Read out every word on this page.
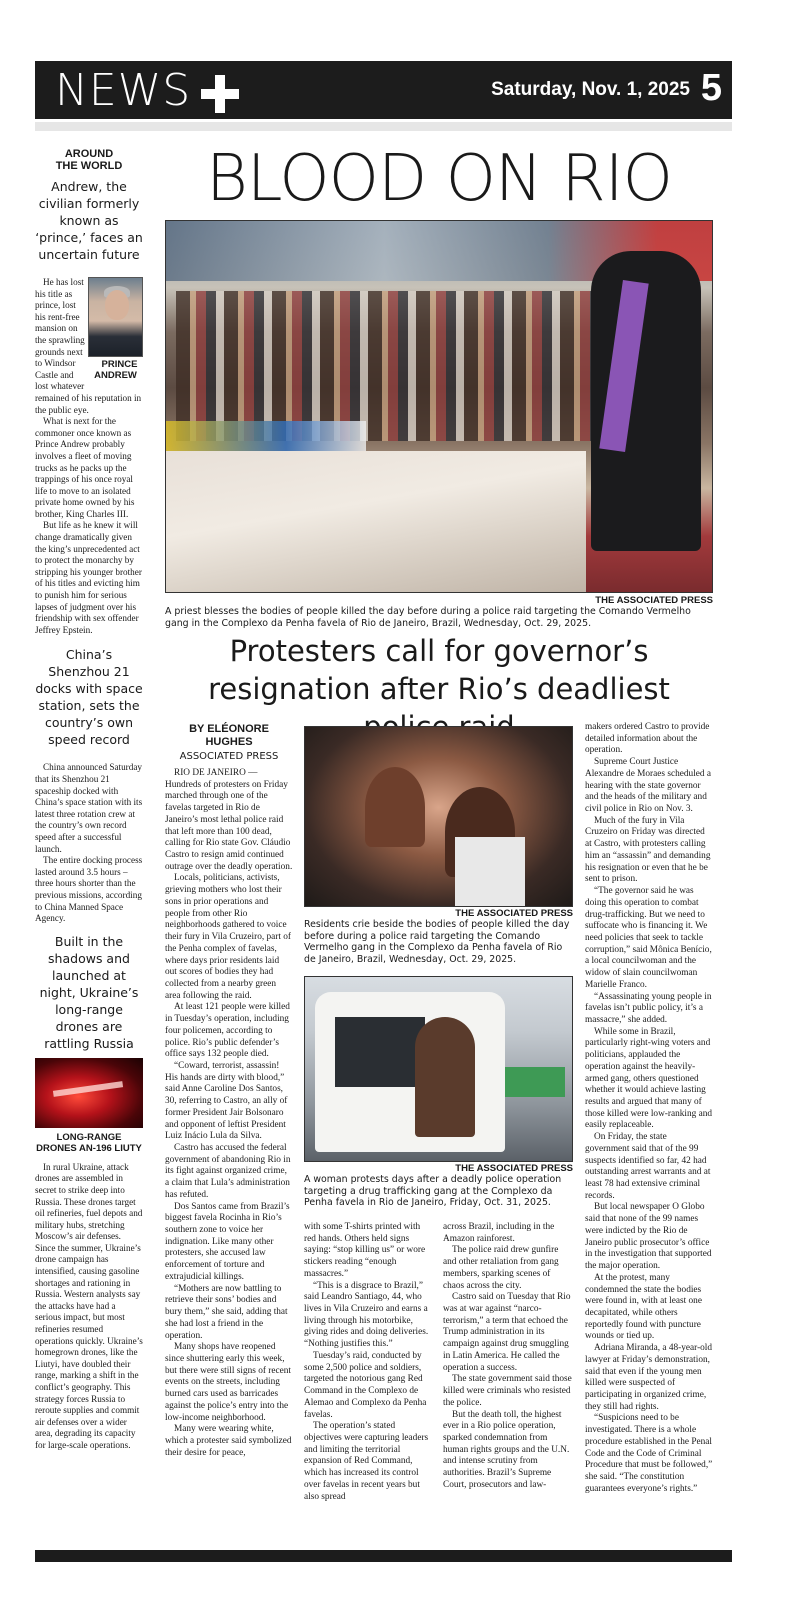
NEWS	Saturday, Nov. 1, 2025 5
AROUND THE WORLD
Andrew, the civilian formerly known as ‘prince,’ faces an uncertain future
PRINCE ANDREW

He has lost his title as prince, lost his rent-free mansion on the sprawling grounds next to Windsor Castle and lost whatever remained of his reputation in the public eye.

What is next for the commoner once known as Prince Andrew probably involves a fleet of moving trucks as he packs up the trappings of his once royal life to move to an isolated private home owned by his brother, King Charles III.

But life as he knew it will change dramatically given the king’s unprecedented act to protect the monarchy by stripping his younger brother of his titles and evicting him to punish him for serious lapses of judgment over his friendship with sex offender Jeffrey Epstein.

China’s Shenzhou 21 docks with space station, sets the country’s own speed record

China announced Saturday that its Shenzhou 21 spaceship docked with China’s space station with its latest three rotation crew at the country’s own record speed after a successful launch.

The entire docking process lasted around 3.5 hours – three hours shorter than the previous missions, according to China Manned Space Agency.

Built in the shadows and launched at night, Ukraine’s long-range drones are rattling Russia
LONG-RANGE DRONES AN-196 LIUTY

In rural Ukraine, attack drones are assembled in secret to strike deep into Russia. These drones target oil refineries, fuel depots and military hubs, stretching Moscow’s air defenses. Since the summer, Ukraine’s drone campaign has intensified, causing gasoline shortages and rationing in Russia. Western analysts say the attacks have had a serious impact, but most refineries resumed operations quickly. Ukraine’s homegrown drones, like the Liutyi, have doubled their range, marking a shift in the conflict’s geography. This strategy forces Russia to reroute supplies and commit air defenses over a wider area, degrading its capacity for large-scale operations.

BLOOD ON RIO
THE ASSOCIATED PRESS
A priest blesses the bodies of people killed the day before during a police raid targeting the Comando Vermelho gang in the Complexo da Penha favela of Rio de Janeiro, Brazil, Wednesday, Oct. 29, 2025.
Protesters call for governor’s resignation after Rio’s deadliest
BY ELÉONORE HUGHES
ASSOCIATED PRESS

RIO DE JANEIRO — Hundreds of protesters on Friday marched through one of the favelas targeted in Rio de Janeiro’s most lethal police raid that left more than 100 dead, calling for Rio state Gov. Cláudio Castro to resign amid continued outrage over the deadly operation.

Locals, politicians, activists, grieving mothers who lost their sons in prior operations and people from other Rio neighborhoods gathered to voice their fury in Vila Cruzeiro, part of the Penha complex of favelas, where days prior residents laid out scores of bodies they had collected from a nearby green area following the raid.

At least 121 people were killed in Tuesday’s operation, including four policemen, according to police. Rio’s public defender’s office says 132 people died.

“Coward, terrorist, assassin! His hands are dirty with blood,” said Anne Caroline Dos Santos, 30, referring to Castro, an ally of former President Jair Bolsonaro and opponent of leftist President Luiz Inácio Lula da Silva.

Castro has accused the federal government of abandoning Rio in its fight against organized crime, a claim that Lula’s administration has refuted.

Dos Santos came from Brazil’s biggest favela Rocinha in Rio’s southern zone to voice her indignation. Like many other protesters, she accused law enforcement of torture and extrajudicial killings.

“Mothers are now battling to retrieve their sons’ bodies and bury them,” she said, adding that she had lost a friend in the operation.

Many shops have reopened since shuttering early this week, but there were still signs of recent events on the streets, including burned cars used as barricades against the police’s entry into the low-income neighborhood.

Many were wearing white, which a protester said symbolized their desire for peace,

THE ASSOCIATED PRESS
Residents crie beside the bodies of people killed the day before during a police raid targeting the Comando Vermelho gang in the Complexo da Penha favela of Rio de Janeiro, Brazil, Wednesday, Oct. 29, 2025.
THE ASSOCIATED PRESS
A woman protests days after a deadly police operation targeting a drug trafficking gang at the Complexo da Penha favela in Rio de Janeiro, Friday, Oct. 31, 2025.

with some T-shirts printed with red hands. Others held signs saying: “stop killing us” or wore stickers reading “enough massacres.”

“This is a disgrace to Brazil,” said Leandro Santiago, 44, who lives in Vila Cruzeiro and earns a living through his motorbike, giving rides and doing deliveries. “Nothing justifies this.”

Tuesday’s raid, conducted by some 2,500 police and soldiers, targeted the notorious gang Red Command in the Complexo de Alemao and Complexo da Penha favelas.

The operation’s stated objectives were capturing leaders and limiting the territorial expansion of Red Command, which has increased its control over favelas in recent years but also spread

across Brazil, including in the Amazon rainforest.

The police raid drew gunfire and other retaliation from gang members, sparking scenes of chaos across the city.

Castro said on Tuesday that Rio was at war against “narco-terrorism,” a term that echoed the Trump administration in its campaign against drug smuggling in Latin America. He called the operation a success.

The state government said those killed were criminals who resisted the police.

But the death toll, the highest ever in a Rio police operation, sparked condemnation from human rights groups and the U.N. and intense scrutiny from authorities. Brazil’s Supreme Court, prosecutors and law-

makers ordered Castro to provide detailed information about the operation.

Supreme Court Justice Alexandre de Moraes scheduled a hearing with the state governor and the heads of the military and civil police in Rio on Nov. 3.

Much of the fury in Vila Cruzeiro on Friday was directed at Castro, with protesters calling him an “assassin” and demanding his resignation or even that he be sent to prison.

“The governor said he was doing this operation to combat drug-trafficking. But we need to suffocate who is financing it. We need policies that seek to tackle corruption,” said Mônica Benício, a local councilwoman and the widow of slain councilwoman Marielle Franco.

“Assassinating young people in favelas isn’t public policy, it’s a massacre,” she added.

While some in Brazil, particularly right-wing voters and politicians, applauded the operation against the heavily-armed gang, others questioned whether it would achieve lasting results and argued that many of those killed were low-ranking and easily replaceable.

On Friday, the state government said that of the 99 suspects identified so far, 42 had outstanding arrest warrants and at least 78 had extensive criminal records.

But local newspaper O Globo said that none of the 99 names were indicted by the Rio de Janeiro public prosecutor’s office in the investigation that supported the major operation.

At the protest, many condemned the state the bodies were found in, with at least one decapitated, while others reportedly found with puncture wounds or tied up.

Adriana Miranda, a 48-year-old lawyer at Friday’s demonstration, said that even if the young men killed were suspected of participating in organized crime, they still had rights.

“Suspicions need to be investigated. There is a whole procedure established in the Penal Code and the Code of Criminal Procedure that must be followed,” she said. “The constitution guarantees everyone’s rights.”
